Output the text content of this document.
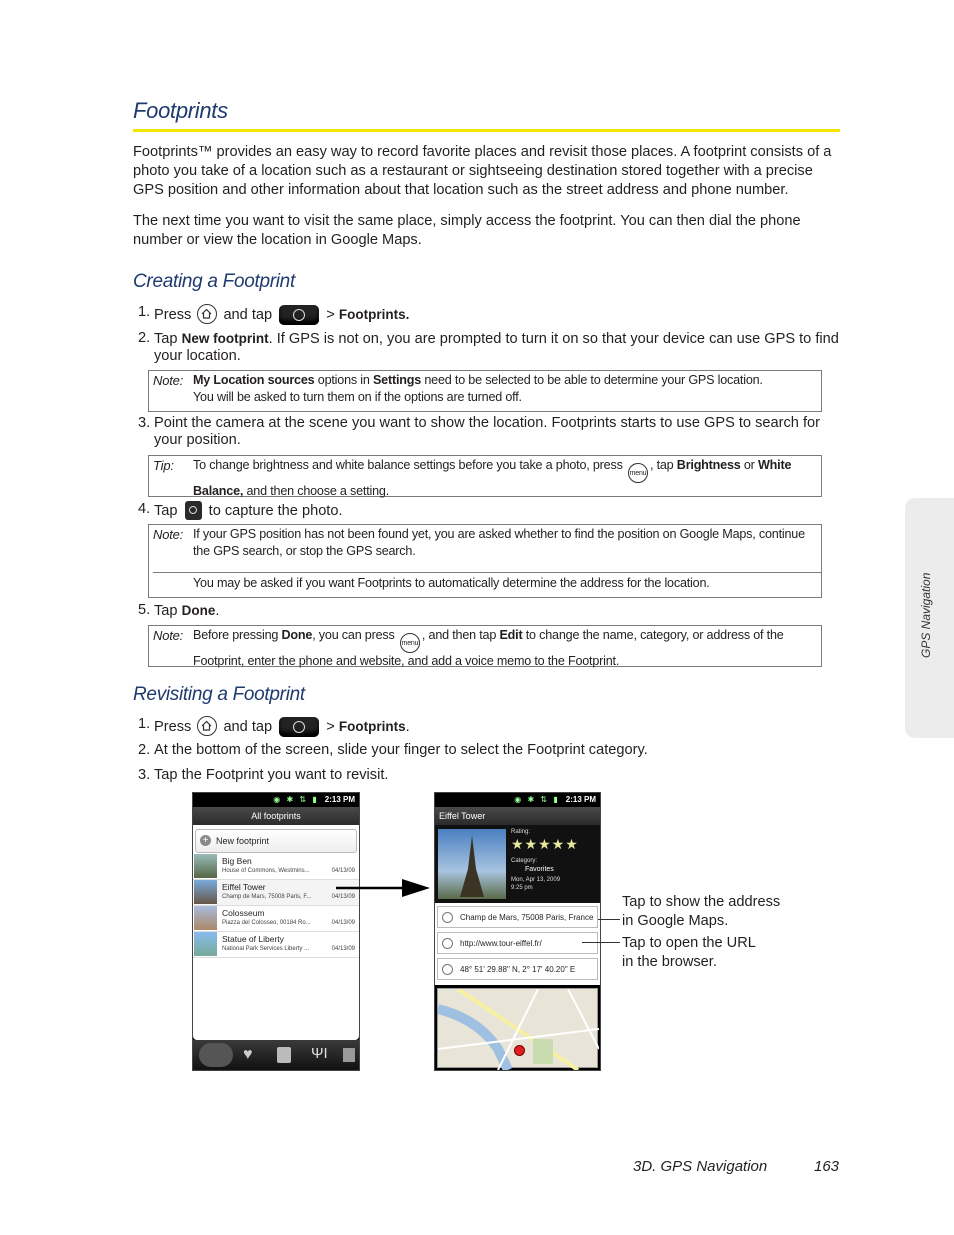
Footprints

Footprints™ provides an easy way to record favorite places and revisit those places. A footprint consists of a photo you take of a location such as a restaurant or sightseeing destination stored together with a precise GPS position and other information about that location such as the street address and phone number.

The next time you want to visit the same place, simply access the footprint. You can then dial the phone number or view the location in Google Maps.

Creating a Footprint
1. Press and tap	> Footprints.
2. Tap New footprint. If GPS is not on, you are prompted to turn it on so that your device can use GPS to find your location.
Note: My Location sources options in Settings need to be selected to be able to determine your GPS location.
You will be asked to turn them on if the options are turned off.
3. Point the camera at the scene you want to show the location. Footprints starts to use GPS to search for your position.
Tip: To change brightness and white balance settings before you take a photo, press menu, tap Brightness or White Balance, and then choose a setting.
4. Tap to capture the photo.
Note: If your GPS position has not been found yet, you are asked whether to find the position on Google Maps, continue the GPS search, or stop the GPS search.
You may be asked if you want Footprints to automatically determine the address for the location.
5. Tap Done.
Note: Before pressing Done, you can press menu, and then tap Edit to change the name, category, or address of the Footprint, enter the phone and website, and add a voice memo to the Footprint.
Revisiting a Footprint
1. Press and tap	> Footprints.
2. At the bottom of the screen, slide your finger to select the Footprint category.
3. Tap the Footprint you want to revisit.
◉ ✱ ⇅ ▮ 2:13 PM
All footprints
+ New footprint
Big Ben
House of Commons, Westmins...	04/13/09
Eiffel Tower
Champ de Mars, 75008 Paris, F...	04/13/09
Colosseum
Piazza del Colosseo, 00184 Ro...	04/13/09
Statue of Liberty
National Park Services Liberty ...	04/13/09
♥	ΨΙ
◉ ✱ ⇅ ▮ 2:13 PM
Eiffel Tower
Rating:
★★★★★
Category:
Favorites
Mon, Apr 13, 2009
9:25 pm
Champ de Mars, 75008 Paris, France
http://www.tour-eiffel.fr/
48° 51' 29.88" N, 2° 17' 40.20" E
Tap to show the address
in Google Maps.
Tap to open the URL
in the browser.
GPS Navigation
3D. GPS Navigation	163
